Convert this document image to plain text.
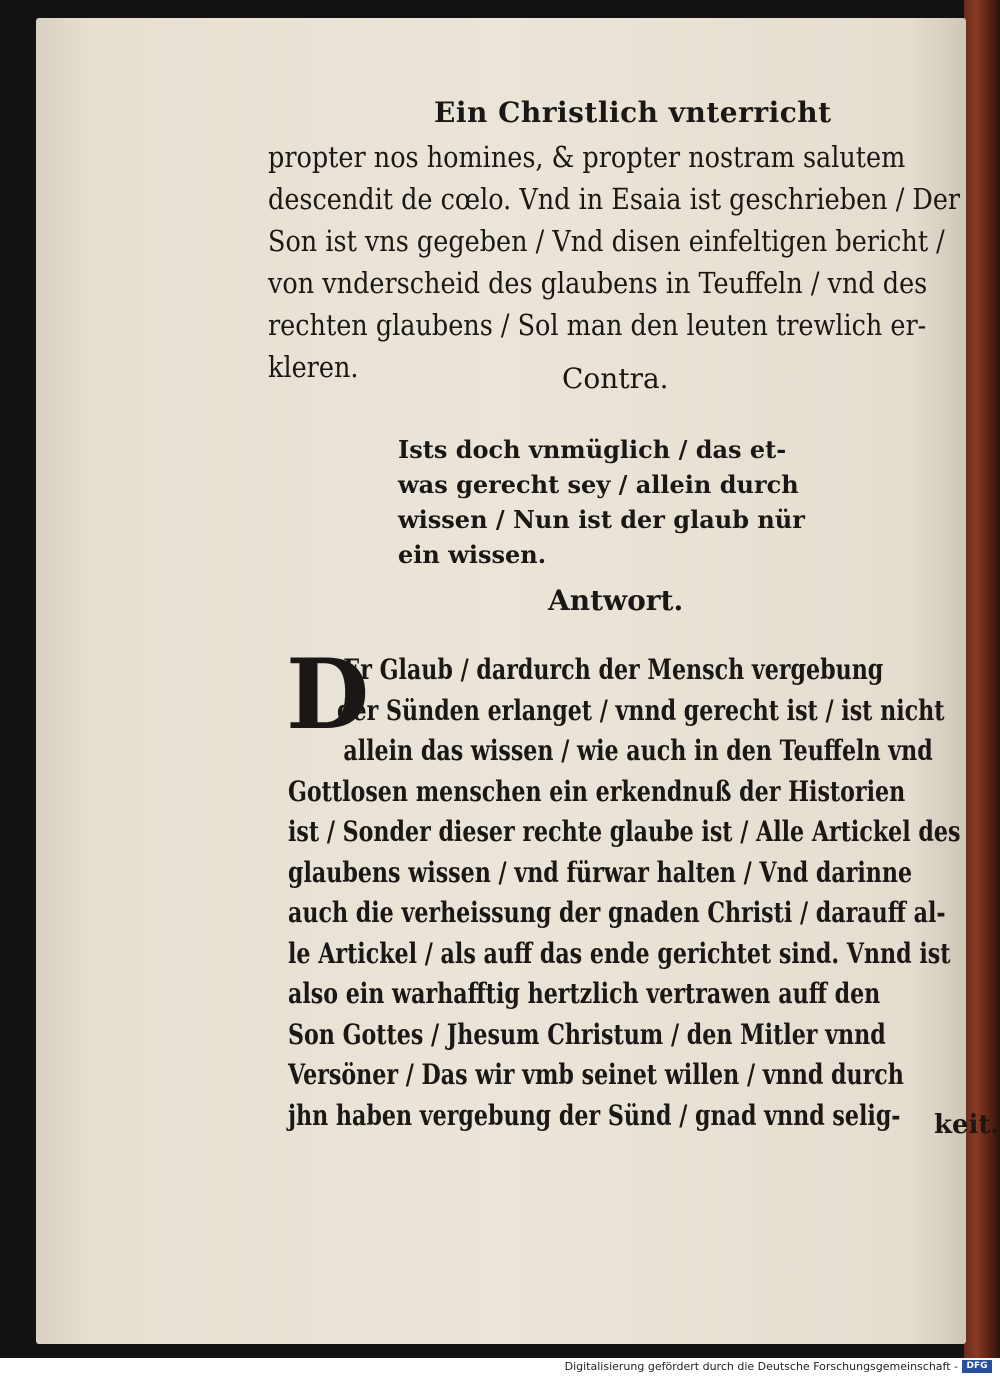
Ein Christlich vnterricht
propter nos homines, & propter nostram salutem
descendit de cœlo. Vnd in Esaia ist geschrieben / Der
Son ist vns gegeben / Vnd disen einfeltigen bericht /
von vnderscheid des glaubens in Teuffeln / vnd des
rechten glaubens / Sol man den leuten trewlich er-
kleren.	Contra.
Ists doch vnmüglich / das et-
was gerecht sey / allein durch
wissen / Nun ist der glaub nür
ein wissen.
Antwort.
D
Er Glaub / dardurch der Mensch vergebung
der Sünden erlanget / vnnd gerecht ist / ist nicht
allein das wissen / wie auch in den Teuffeln vnd
Gottlosen menschen ein erkendnuß der Historien
ist / Sonder dieser rechte glaube ist / Alle Artickel des
glaubens wissen / vnd fürwar halten / Vnd darinne
auch die verheissung der gnaden Christi / darauff al-
le Artickel / als auff das ende gerichtet sind. Vnnd ist
also ein warhafftig hertzlich vertrawen auff den
Son Gottes / Jhesum Christum / den Mitler vnnd
Versöner / Das wir vmb seinet willen / vnnd durch
jhn haben vergebung der Sünd / gnad vnnd selig-	keit.
Digitalisierung gefördert durch die Deutsche Forschungsgemeinschaft - DFG
